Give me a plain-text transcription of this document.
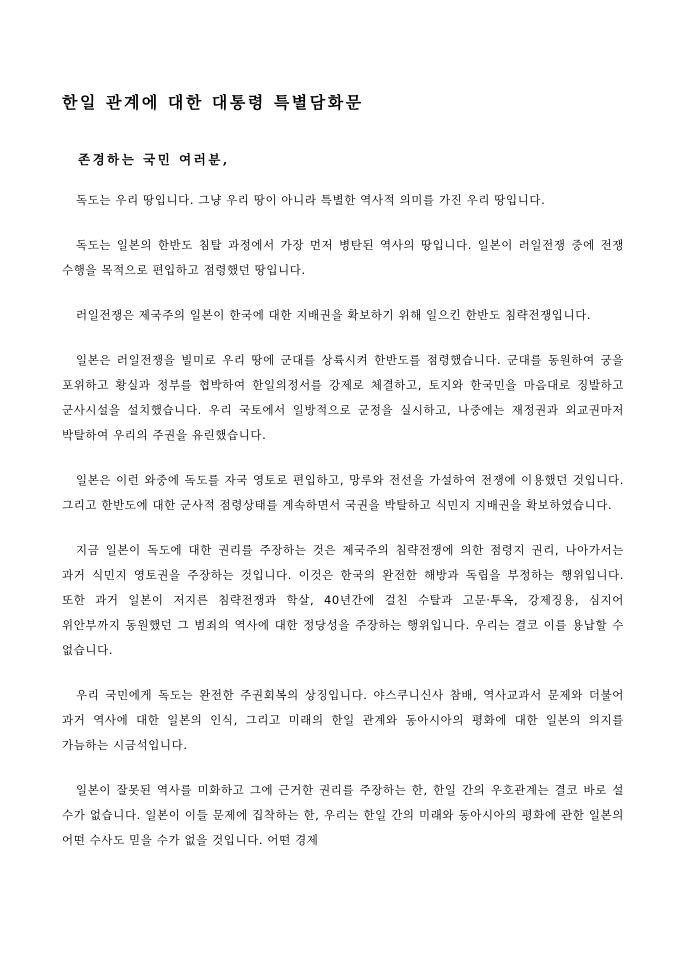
한일 관계에 대한 대통령 특별담화문

존경하는 국민 여러분,

독도는 우리 땅입니다. 그냥 우리 땅이 아니라 특별한 역사적 의미를 가진 우리 땅입니다.

독도는 일본의 한반도 침탈 과정에서 가장 먼저 병탄된 역사의 땅입니다. 일본이 러일전쟁 중에 전쟁 수행을 목적으로 편입하고 점령했던 땅입니다.

러일전쟁은 제국주의 일본이 한국에 대한 지배권을 확보하기 위해 일으킨 한반도 침략전쟁입니다.

일본은 러일전쟁을 빌미로 우리 땅에 군대를 상륙시켜 한반도를 점령했습니다. 군대를 동원하여 궁을 포위하고 황실과 정부를 협박하여 한일의정서를 강제로 체결하고, 토지와 한국민을 마음대로 징발하고 군사시설을 설치했습니다. 우리 국토에서 일방적으로 군정을 실시하고, 나중에는 재정권과 외교권마저 박탈하여 우리의 주권을 유린했습니다.

일본은 이런 와중에 독도를 자국 영토로 편입하고, 망루와 전선을 가설하여 전쟁에 이용했던 것입니다. 그리고 한반도에 대한 군사적 점령상태를 계속하면서 국권을 박탈하고 식민지 지배권을 확보하였습니다.

지금 일본이 독도에 대한 권리를 주장하는 것은 제국주의 침략전쟁에 의한 점령지 권리, 나아가서는 과거 식민지 영토권을 주장하는 것입니다. 이것은 한국의 완전한 해방과 독립을 부정하는 행위입니다. 또한 과거 일본이 저지른 침략전쟁과 학살, 40년간에 걸친 수탈과 고문·투옥, 강제징용, 심지어 위안부까지 동원했던 그 범죄의 역사에 대한 정당성을 주장하는 행위입니다. 우리는 결코 이를 용납할 수 없습니다.

우리 국민에게 독도는 완전한 주권회복의 상징입니다. 야스쿠니신사 참배, 역사교과서 문제와 더불어 과거 역사에 대한 일본의 인식, 그리고 미래의 한일 관계와 동아시아의 평화에 대한 일본의 의지를 가늠하는 시금석입니다.

일본이 잘못된 역사를 미화하고 그에 근거한 권리를 주장하는 한, 한일 간의 우호관계는 결코 바로 설 수가 없습니다. 일본이 이들 문제에 집착하는 한, 우리는 한일 간의 미래와 동아시아의 평화에 관한 일본의 어떤 수사도 믿을 수가 없을 것입니다. 어떤 경제
